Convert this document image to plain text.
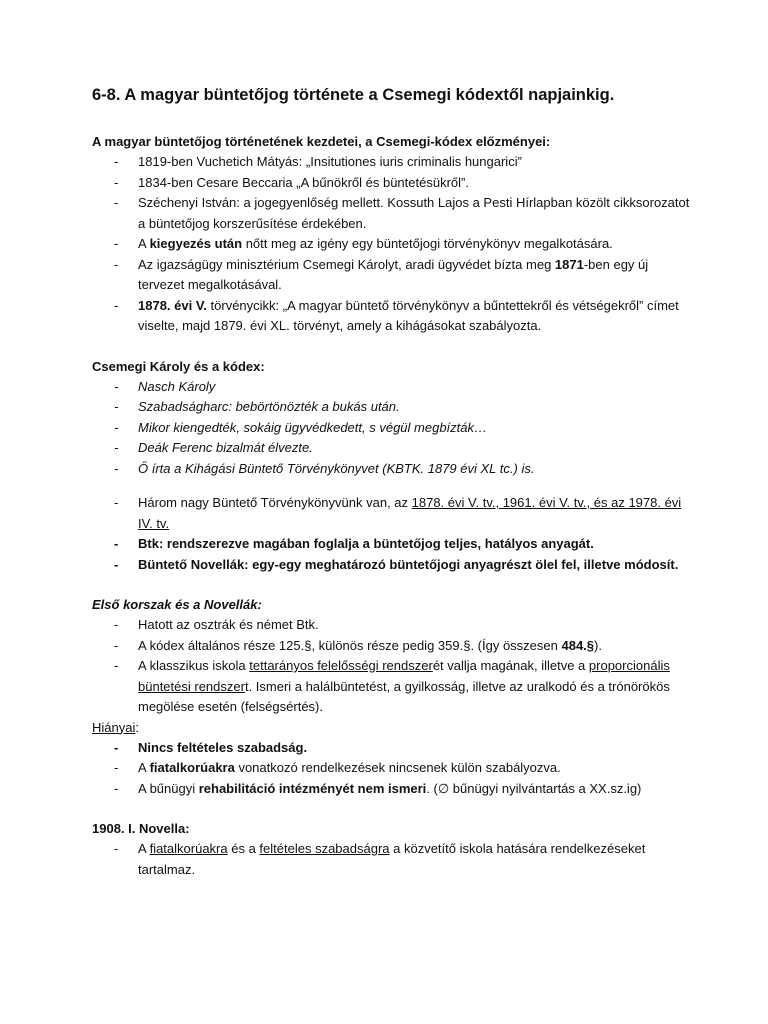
6-8. A magyar büntetőjog története a Csemegi kódextől napjainkig.

A magyar büntetőjog történetének kezdetei, a Csemegi-kódex előzményei:

- 1819-ben Vuchetich Mátyás: „Insitutiones iuris criminalis hungarici”
- 1834-ben Cesare Beccaria „A bűnökről és büntetésükről”.
- Széchenyi István: a jogegyenlőség mellett. Kossuth Lajos a Pesti Hírlapban közölt cikksorozatot a büntetőjog korszerűsítése érdekében.
- A kiegyezés után nőtt meg az igény egy büntetőjogi törvénykönyv megalkotására.
- Az igazságügy minisztérium Csemegi Károlyt, aradi ügyvédet bízta meg 1871-ben egy új tervezet megalkotásával.
- 1878. évi V. törvénycikk: „A magyar büntető törvénykönyv a bűntettekről és vétségekről” címet viselte, majd 1879. évi XL. törvényt, amely a kihágásokat szabályozta.

Csemegi Károly és a kódex:

- Nasch Károly
- Szabadságharc: bebörtönözték a bukás után.
- Mikor kiengedték, sokáig ügyvédkedett, s végül megbízták…
- Deák Ferenc bizalmát élvezte.
- Ő írta a Kihágási Büntető Törvénykönyvet (KBTK. 1879 évi XL tc.) is.
- Három nagy Büntető Törvénykönyvünk van, az 1878. évi V. tv., 1961. évi V. tv., és az 1978. évi IV. tv.
- Btk: rendszerezve magában foglalja a büntetőjog teljes, hatályos anyagát.
- Büntető Novellák: egy-egy meghatározó büntetőjogi anyagrészt ölel fel, illetve módosít.

Első korszak és a Novellák:

- Hatott az osztrák és német Btk.
- A kódex általános része 125.§, különös része pedig 359.§. (Így összesen 484.§).
- A klasszikus iskola tettarányos felelősségi rendszerét vallja magának, illetve a proporcionális büntetési rendszert. Ismeri a halálbüntetést, a gyilkosság, illetve az uralkodó és a trónörökös megölése esetén (felségsértés).

Hiányai:

- Nincs feltételes szabadság.
- A fiatalkorúakra vonatkozó rendelkezések nincsenek külön szabályozva.
- A bűnügyi rehabilitáció intézményét nem ismeri. (∅ bűnügyi nyilvántartás a XX.sz.ig)

1908. I. Novella:

- A fiatalkorúakra és a feltételes szabadságra a közvetítő iskola hatására rendelkezéseket tartalmaz.
